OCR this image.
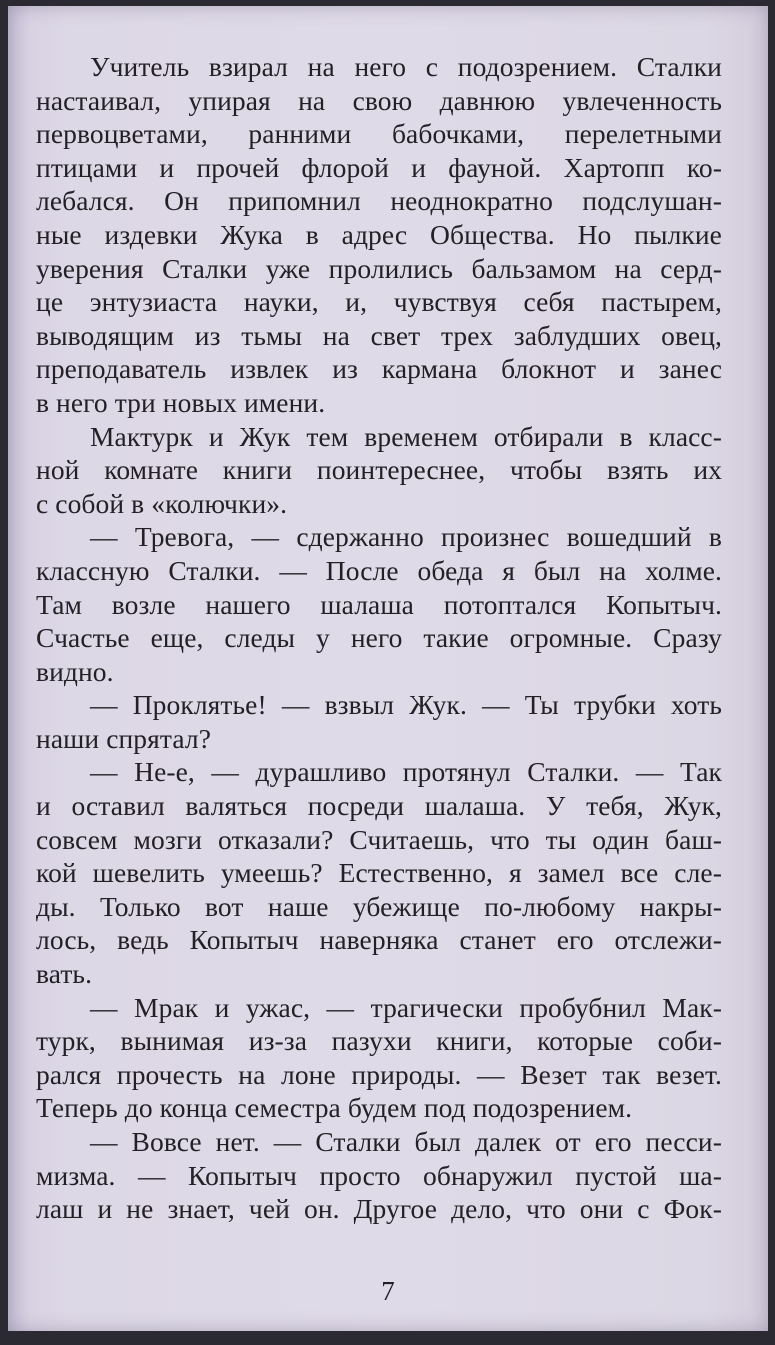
Учитель взирал на него с подозрением. Сталки
настаивал, упирая на свою давнюю увлеченность
первоцветами, ранними бабочками, перелетными
птицами и прочей флорой и фауной. Хартопп ко-
лебался. Он припомнил неоднократно подслушан-
ные издевки Жука в адрес Общества. Но пылкие
уверения Сталки уже пролились бальзамом на серд-
це энтузиаста науки, и, чувствуя себя пастырем,
выводящим из тьмы на свет трех заблудших овец,
преподаватель извлек из кармана блокнот и занес
в него три новых имени.
Мактурк и Жук тем временем отбирали в класс-
ной комнате книги поинтереснее, чтобы взять их
с собой в «колючки».
— Тревога, — сдержанно произнес вошедший в
классную Сталки. — После обеда я был на холме.
Там возле нашего шалаша потоптался Копытыч.
Счастье еще, следы у него такие огромные. Сразу
видно.
— Проклятье! — взвыл Жук. — Ты трубки хоть
наши спрятал?
— Не-е, — дурашливо протянул Сталки. — Так
и оставил валяться посреди шалаша. У тебя, Жук,
совсем мозги отказали? Считаешь, что ты один баш-
кой шевелить умеешь? Естественно, я замел все сле-
ды. Только вот наше убежище по-любому накры-
лось, ведь Копытыч наверняка станет его отслежи-
вать.
— Мрак и ужас, — трагически пробубнил Мак-
турк, вынимая из-за пазухи книги, которые соби-
рался прочесть на лоне природы. — Везет так везет.
Теперь до конца семестра будем под подозрением.
— Вовсе нет. — Сталки был далек от его песси-
мизма. — Копытыч просто обнаружил пустой ша-
лаш и не знает, чей он. Другое дело, что они с Фок-
7
